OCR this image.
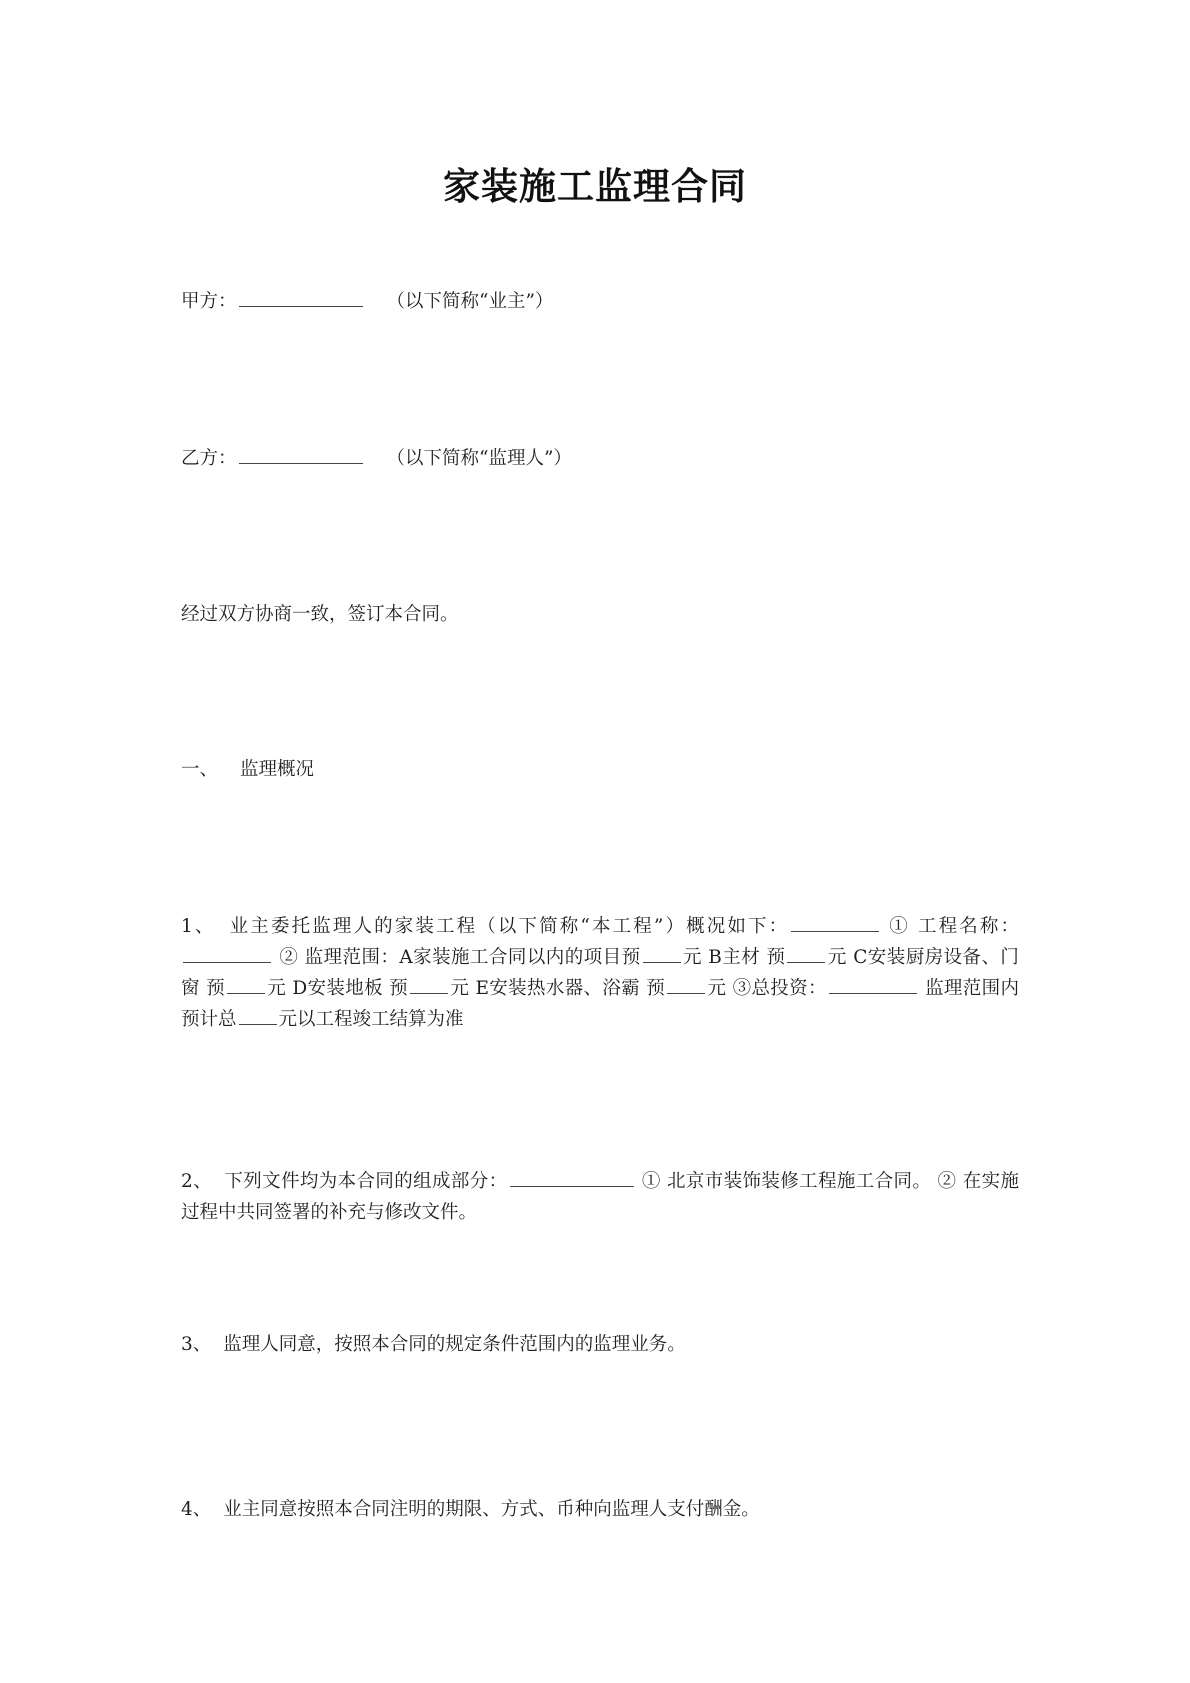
家装施工监理合同
甲方：	（以下简称“业主”）
乙方：	（以下简称“监理人”）
经过双方协商一致，签订本合同。
一、 监理概况
1、 业主委托监理人的家装工程（以下简称“本工程”）概况如下：	① 工程名称： ② 监理范围：A家装施工合同以内的项目预 元 B主材 预 元 C安装厨房设备、门窗 预 元 D安装地板 预 元 E安装热水器、浴霸 预 元 ③总投资：	监理范围内预计总 元以工程竣工结算为准
2、 下列文件均为本合同的组成部分：	① 北京市装饰装修工程施工合同。 ② 在实施过程中共同签署的补充与修改文件。
3、 监理人同意，按照本合同的规定条件范围内的监理业务。
4、 业主同意按照本合同注明的期限、方式、币种向监理人支付酬金。
